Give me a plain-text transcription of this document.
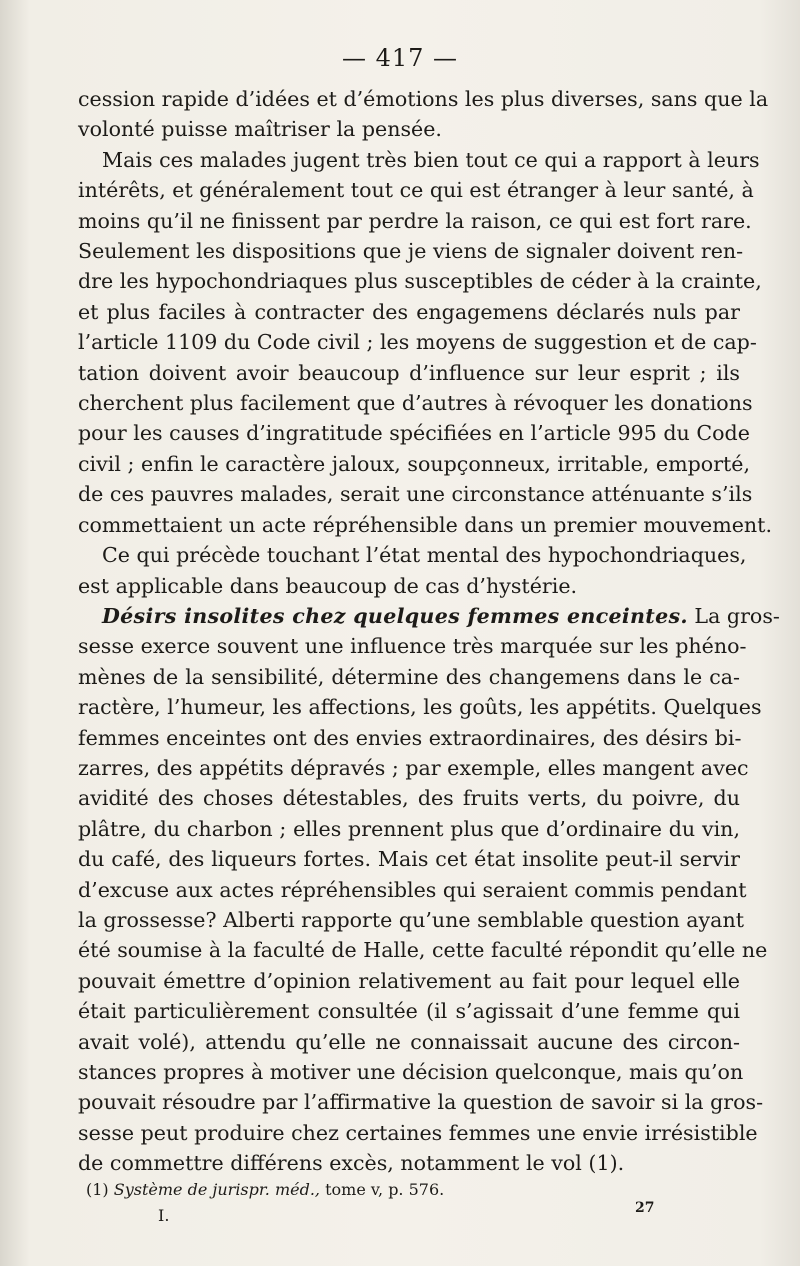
— 417 —
cession rapide d’idées et d’émotions les plus diverses, sans que la
volonté puisse maîtriser la pensée.
Mais ces malades jugent très bien tout ce qui a rapport à leurs
intérêts, et généralement tout ce qui est étranger à leur santé, à
moins qu’il ne finissent par perdre la raison, ce qui est fort rare.
Seulement les dispositions que je viens de signaler doivent ren-
dre les hypochondriaques plus susceptibles de céder à la crainte,
et plus faciles à contracter des engagemens déclarés nuls par
l’article 1109 du Code civil ; les moyens de suggestion et de cap-
tation doivent avoir beaucoup d’influence sur leur esprit ; ils
cherchent plus facilement que d’autres à révoquer les donations
pour les causes d’ingratitude spécifiées en l’article 995 du Code
civil ; enfin le caractère jaloux, soupçonneux, irritable, emporté,
de ces pauvres malades, serait une circonstance atténuante s’ils
commettaient un acte répréhensible dans un premier mouvement.
Ce qui précède touchant l’état mental des hypochondriaques,
est applicable dans beaucoup de cas d’hystérie.
Désirs insolites chez quelques femmes enceintes. La gros-
sesse exerce souvent une influence très marquée sur les phéno-
mènes de la sensibilité, détermine des changemens dans le ca-
ractère, l’humeur, les affections, les goûts, les appétits. Quelques
femmes enceintes ont des envies extraordinaires, des désirs bi-
zarres, des appétits dépravés ; par exemple, elles mangent avec
avidité des choses détestables, des fruits verts, du poivre, du
plâtre, du charbon ; elles prennent plus que d’ordinaire du vin,
du café, des liqueurs fortes. Mais cet état insolite peut-il servir
d’excuse aux actes répréhensibles qui seraient commis pendant
la grossesse? Alberti rapporte qu’une semblable question ayant
été soumise à la faculté de Halle, cette faculté répondit qu’elle ne
pouvait émettre d’opinion relativement au fait pour lequel elle
était particulièrement consultée (il s’agissait d’une femme qui
avait volé), attendu qu’elle ne connaissait aucune des circon-
stances propres à motiver une décision quelconque, mais qu’on
pouvait résoudre par l’affirmative la question de savoir si la gros-
sesse peut produire chez certaines femmes une envie irrésistible
de commettre différens excès, notamment le vol (1).
(1) Système de jurispr. méd., tome v, p. 576.
I.	27
